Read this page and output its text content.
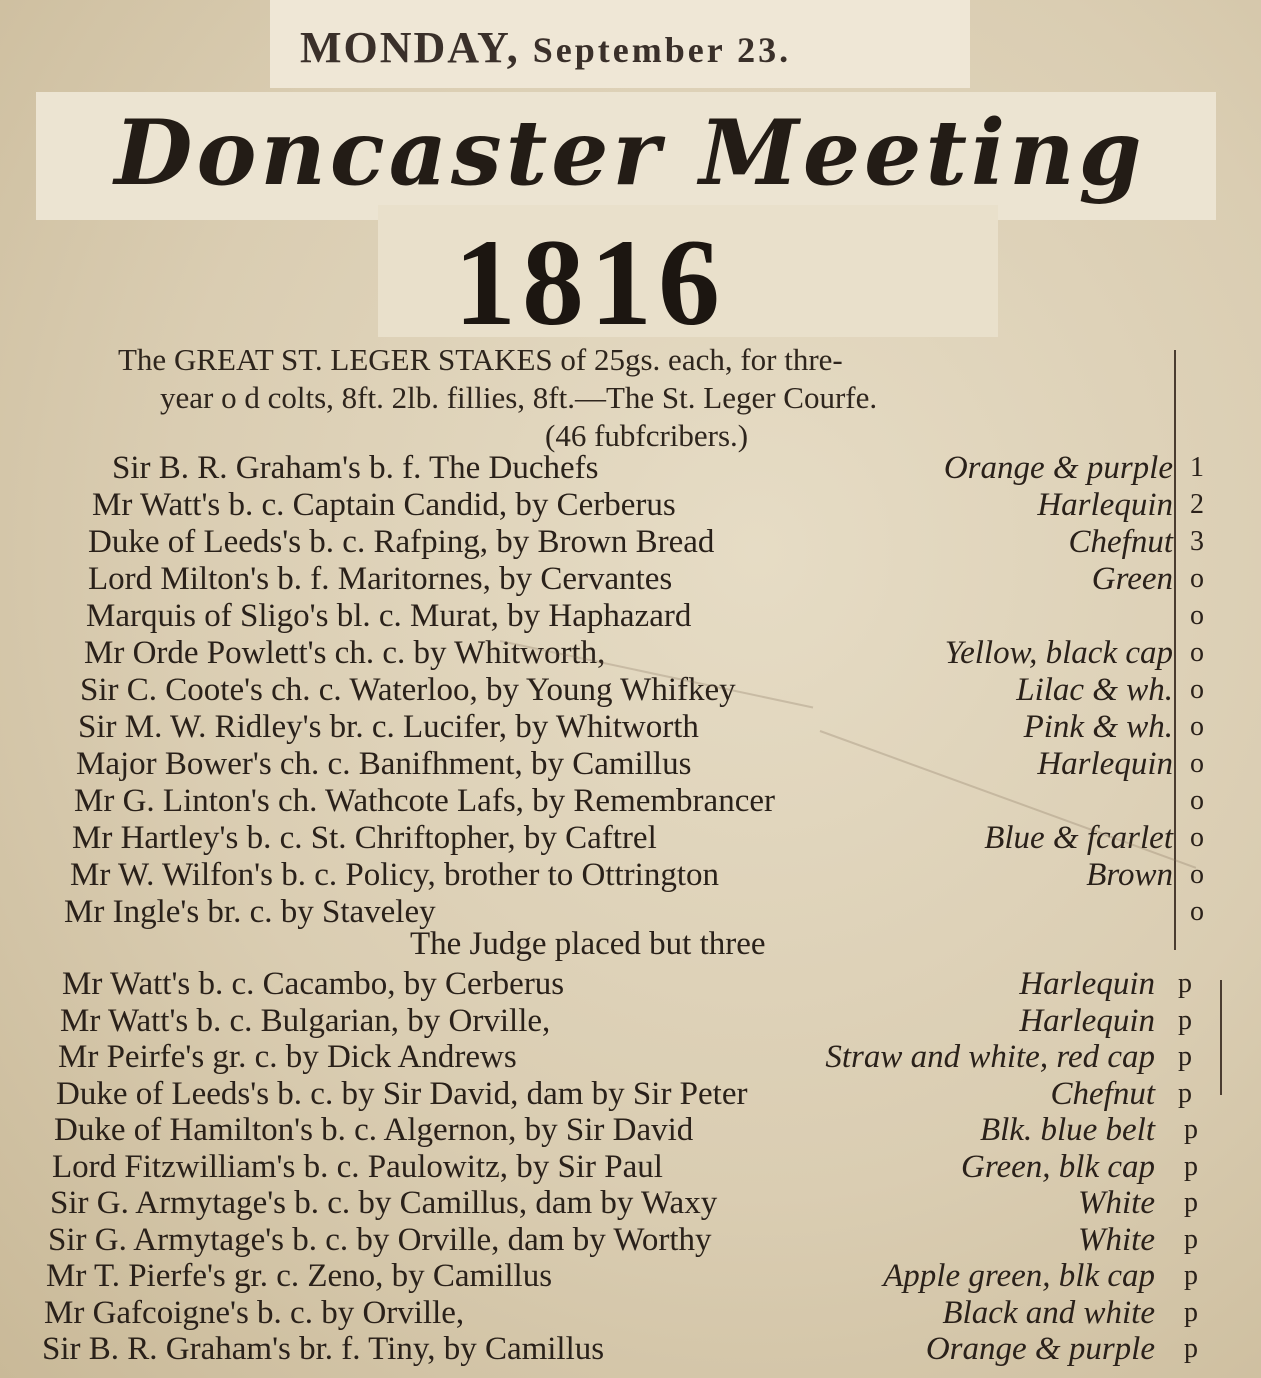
MONDAY, September 23.
Doncaster Meeting
1816
The GREAT ST. LEGER STAKES of 25gs. each, for thre-
year o d colts, 8ft. 2lb. fillies, 8ft.—The St. Leger Courfe.
(46 fubfcribers.)
Sir B. R. Graham's b. f. The Duchefs	Orange & purple 1
Mr Watt's b. c. Captain Candid, by Cerberus	Harlequin 2
Duke of Leeds's b. c. Rafping, by Brown Bread	Chefnut 3
Lord Milton's b. f. Maritornes, by Cervantes	Green o
Marquis of Sligo's bl. c. Murat, by Haphazard	o
Mr Orde Powlett's ch. c. by Whitworth,	Yellow, black cap o
Sir C. Coote's ch. c. Waterloo, by Young Whifkey	Lilac & wh. o
Sir M. W. Ridley's br. c. Lucifer, by Whitworth	Pink & wh. o
Major Bower's ch. c. Banifhment, by Camillus	Harlequin o
Mr G. Linton's ch. Wathcote Lafs, by Remembrancer	o
Mr Hartley's b. c. St. Chriftopher, by Caftrel	Blue & fcarlet o
Mr W. Wilfon's b. c. Policy, brother to Ottrington	Brown o
Mr Ingle's br. c. by Staveley	o
The Judge placed but three
Mr Watt's b. c. Cacambo, by Cerberus	Harlequin p
Mr Watt's b. c. Bulgarian, by Orville,	Harlequin p
Mr Peirfe's gr. c. by Dick Andrews	Straw and white, red cap p
Duke of Leeds's b. c. by Sir David, dam by Sir Peter	Chefnut p
Duke of Hamilton's b. c. Algernon, by Sir David	Blk. blue belt p
Lord Fitzwilliam's b. c. Paulowitz, by Sir Paul	Green, blk cap p
Sir G. Armytage's b. c. by Camillus, dam by Waxy	White p
Sir G. Armytage's b. c. by Orville, dam by Worthy	White p
Mr T. Pierfe's gr. c. Zeno, by Camillus	Apple green, blk cap p
Mr Gafcoigne's b. c. by Orville,	Black and white p
Sir B. R. Graham's br. f. Tiny, by Camillus	Orange & purple p
